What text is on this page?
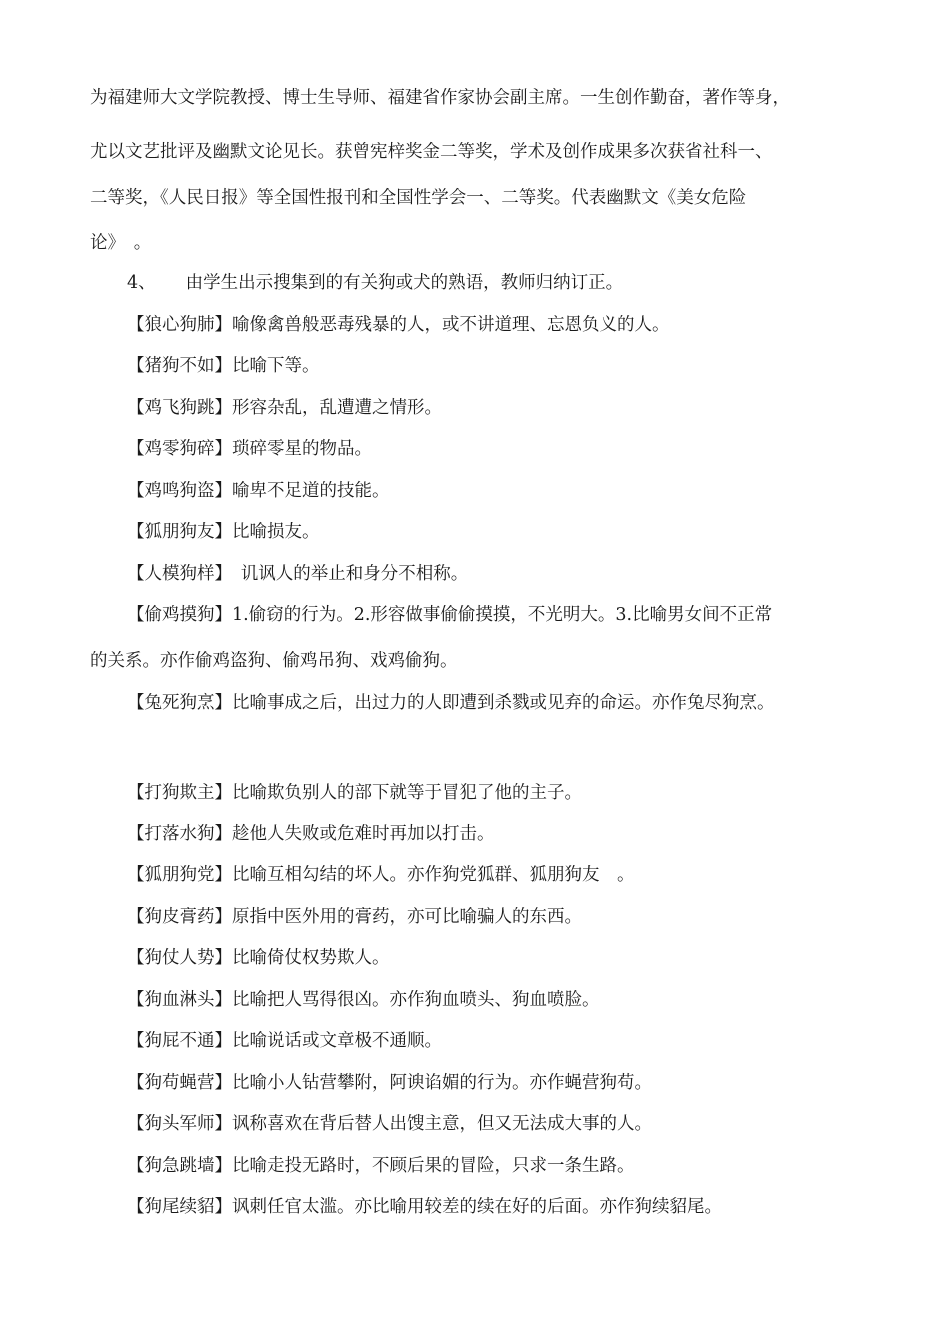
为福建师大文学院教授、博士生导师、福建省作家协会副主席。一生创作勤奋，著作等身，
尤以文艺批评及幽默文论见长。获曾宪梓奖金二等奖，学术及创作成果多次获省社科一、
二等奖，《人民日报》等全国性报刊和全国性学会一、二等奖。代表幽默文《美女危险
论》　。
4、 由学生出示搜集到的有关狗或犬的熟语，教师归纳订正。
【狼心狗肺】喻像禽兽般恶毒残暴的人，或不讲道理、忘恩负义的人。
【猪狗不如】比喻下等。
【鸡飞狗跳】形容杂乱，乱遭遭之情形。
【鸡零狗碎】琐碎零星的物品。
【鸡鸣狗盗】喻卑不足道的技能。
【狐朋狗友】比喻损友。
【人模狗样】　讥讽人的举止和身分不相称。
【偷鸡摸狗】1.偷窃的行为。2.形容做事偷偷摸摸，不光明大。3.比喻男女间不正常
的关系。亦作偷鸡盗狗、偷鸡吊狗、戏鸡偷狗。
【兔死狗烹】比喻事成之后，出过力的人即遭到杀戮或见弃的命运。亦作兔尽狗烹。
【打狗欺主】比喻欺负别人的部下就等于冒犯了他的主子。
【打落水狗】趁他人失败或危难时再加以打击。
【狐朋狗党】比喻互相勾结的坏人。亦作狗党狐群、狐朋狗友　。
【狗皮膏药】原指中医外用的膏药，亦可比喻骗人的东西。
【狗仗人势】比喻倚仗权势欺人。
【狗血淋头】比喻把人骂得很凶。亦作狗血喷头、狗血喷脸。
【狗屁不通】比喻说话或文章极不通顺。
【狗苟蝇营】比喻小人钻营攀附，阿谀谄媚的行为。亦作蝇营狗苟。
【狗头军师】讽称喜欢在背后替人出馊主意，但又无法成大事的人。
【狗急跳墙】比喻走投无路时，不顾后果的冒险，只求一条生路。
【狗尾续貂】讽刺任官太滥。亦比喻用较差的续在好的后面。亦作狗续貂尾。
